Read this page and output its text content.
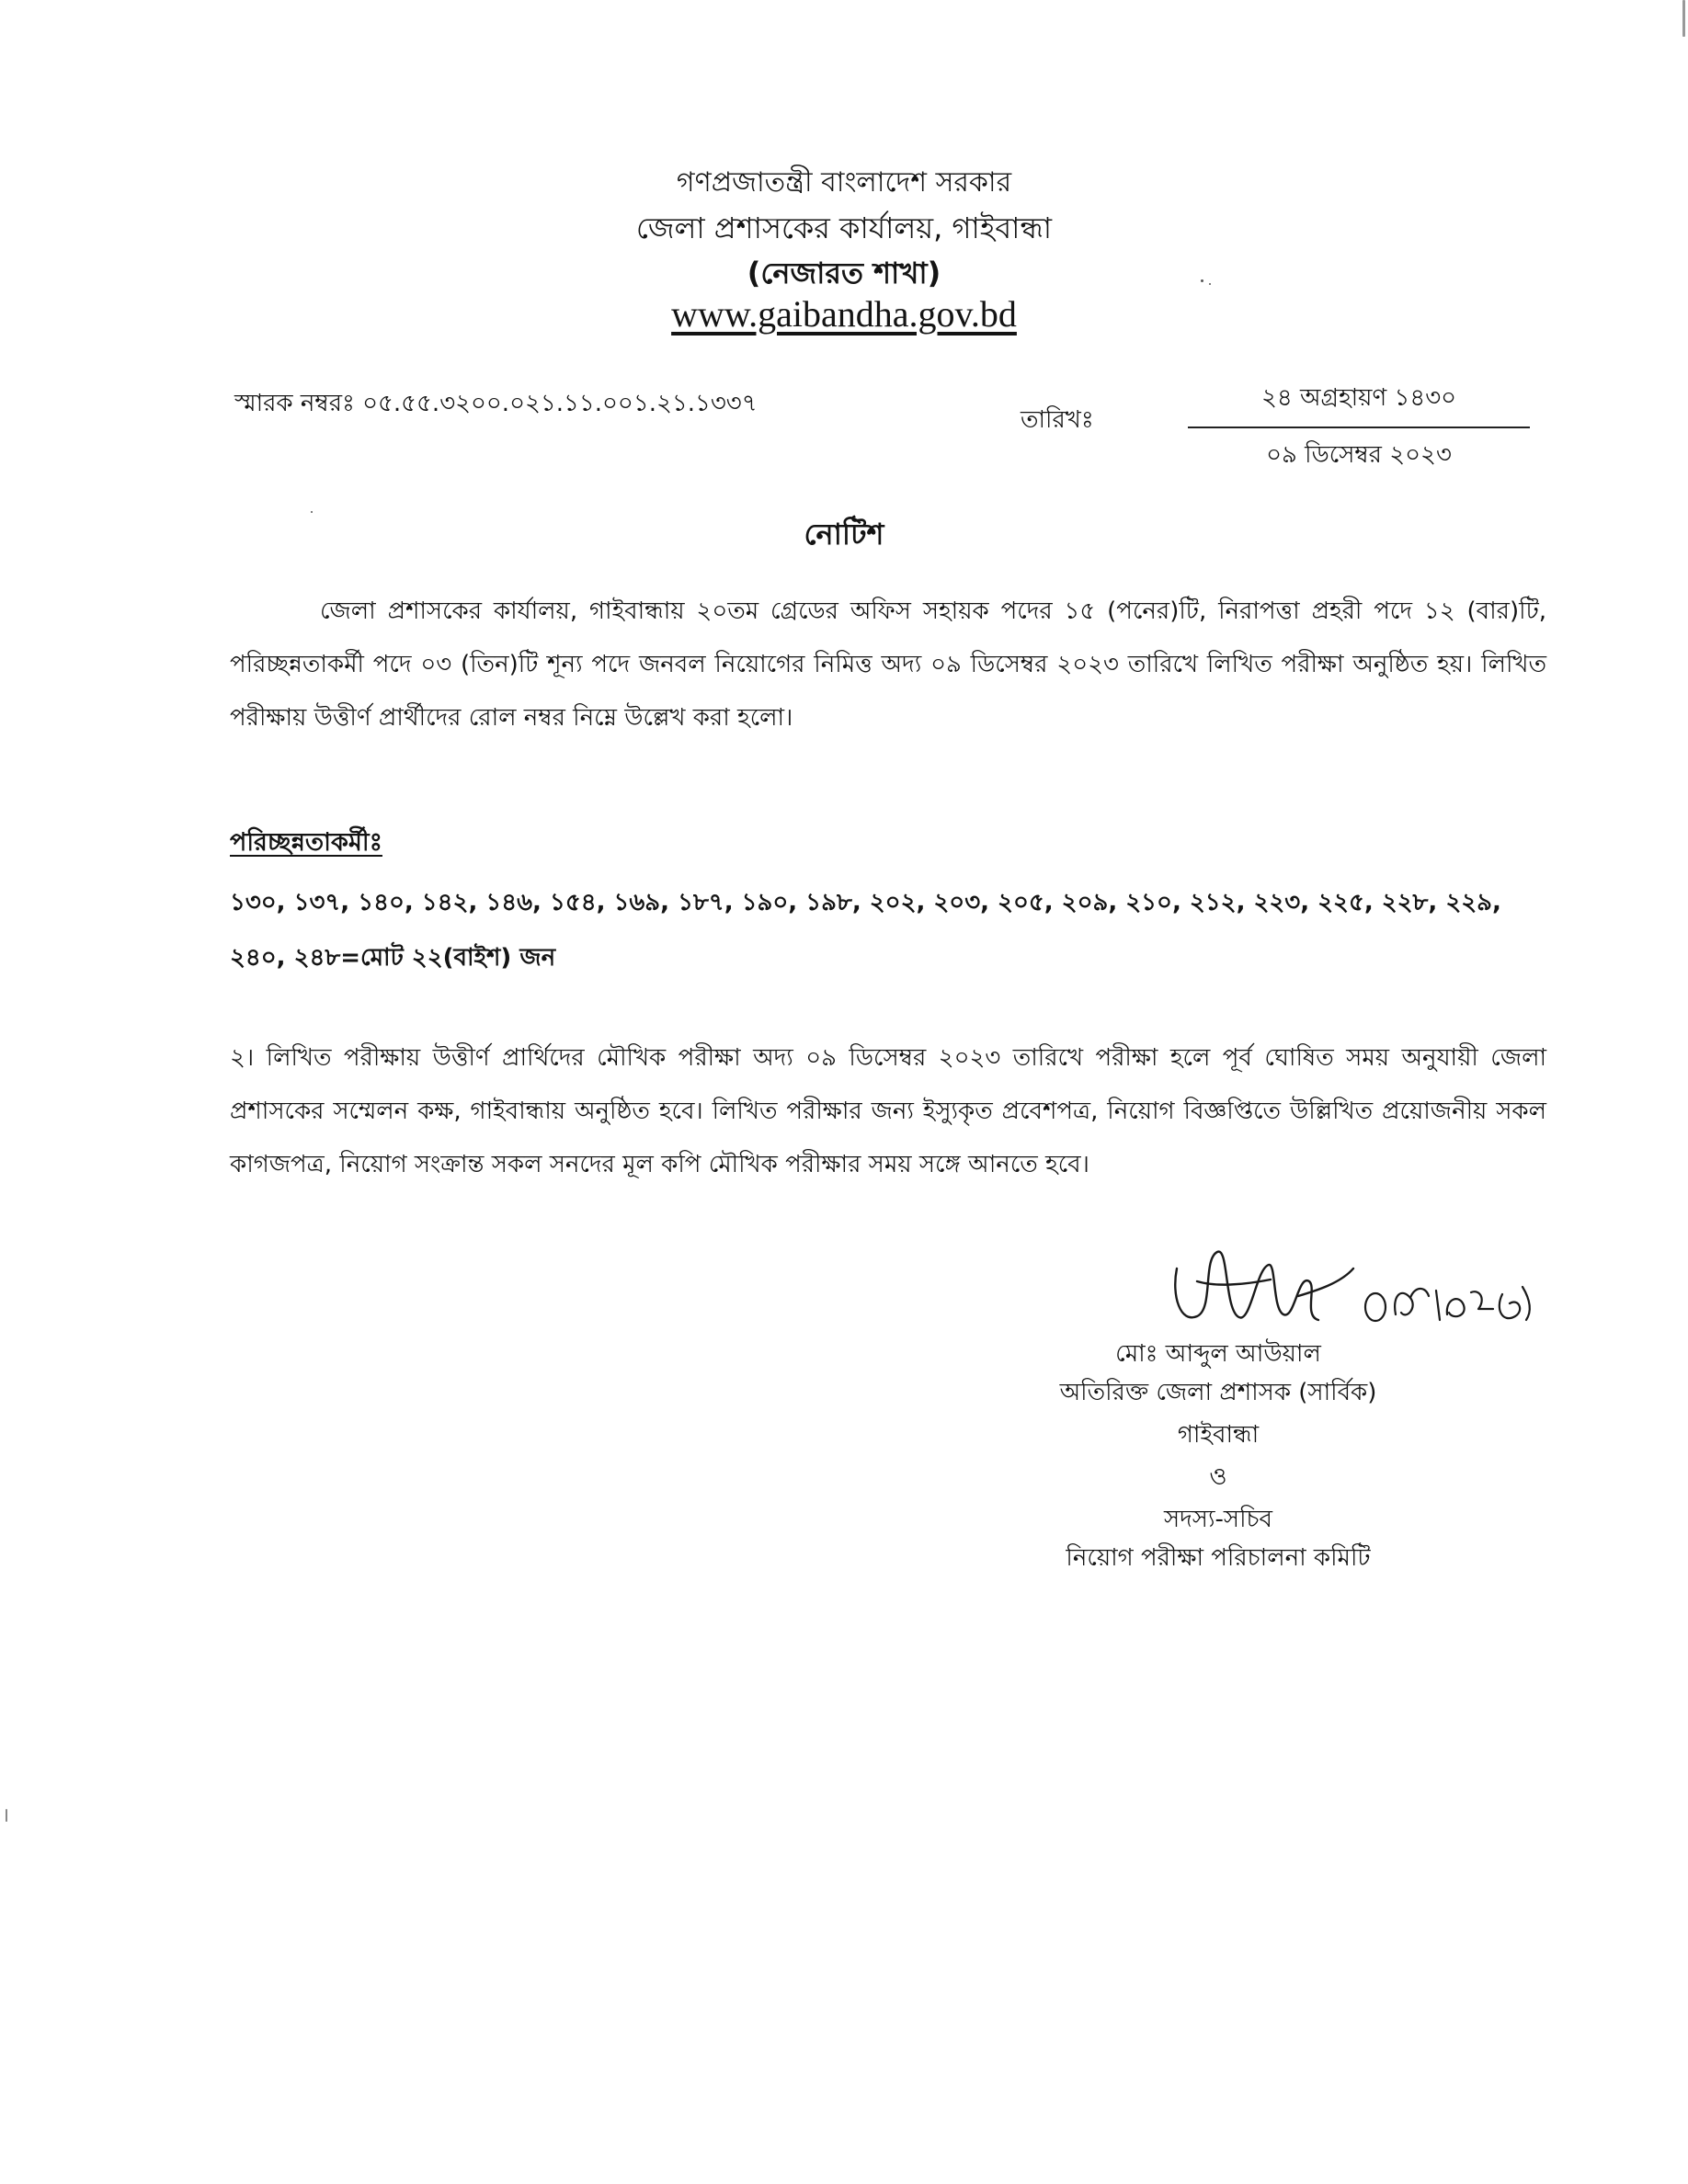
গণপ্রজাতন্ত্রী বাংলাদেশ সরকার
জেলা প্রশাসকের কার্যালয়, গাইবান্ধা
(নেজারত শাখা)
www.gaibandha.gov.bd
স্মারক নম্বরঃ ০৫.৫৫.৩২০০.০২১.১১.০০১.২১.১৩৩৭
তারিখঃ
২৪ অগ্রহায়ণ ১৪৩০
০৯ ডিসেম্বর ২০২৩
নোটিশ
জেলা প্রশাসকের কার্যালয়, গাইবান্ধায় ২০তম গ্রেডের অফিস সহায়ক পদের ১৫ (পনের)টি, নিরাপত্তা প্রহরী পদে ১২ (বার)টি, পরিচ্ছন্নতাকর্মী পদে ০৩ (তিন)টি শূন্য পদে জনবল নিয়োগের নিমিত্ত অদ্য ০৯ ডিসেম্বর ২০২৩ তারিখে লিখিত পরীক্ষা অনুষ্ঠিত হয়। লিখিত পরীক্ষায় উত্তীর্ণ প্রার্থীদের রোল নম্বর নিম্নে উল্লেখ করা হলো।
পরিচ্ছন্নতাকর্মীঃ
১৩০, ১৩৭, ১৪০, ১৪২, ১৪৬, ১৫৪, ১৬৯, ১৮৭, ১৯০, ১৯৮, ২০২, ২০৩, ২০৫, ২০৯, ২১০, ২১২, ২২৩, ২২৫, ২২৮, ২২৯, ২৪০, ২৪৮=মোট ২২(বাইশ) জন
২। লিখিত পরীক্ষায় উত্তীর্ণ প্রার্থিদের মৌখিক পরীক্ষা অদ্য ০৯ ডিসেম্বর ২০২৩ তারিখে পরীক্ষা হলে পূর্ব ঘোষিত সময় অনুযায়ী জেলা প্রশাসকের সম্মেলন কক্ষ, গাইবান্ধায় অনুষ্ঠিত হবে। লিখিত পরীক্ষার জন্য ইস্যুকৃত প্রবেশপত্র, নিয়োগ বিজ্ঞপ্তিতে উল্লিখিত প্রয়োজনীয় সকল কাগজপত্র, নিয়োগ সংক্রান্ত সকল সনদের মূল কপি মৌখিক পরীক্ষার সময় সঙ্গে আনতে হবে।
মোঃ আব্দুল আউয়াল
অতিরিক্ত জেলা প্রশাসক (সার্বিক)
গাইবান্ধা
ও
সদস্য-সচিব
নিয়োগ পরীক্ষা পরিচালনা কমিটি
